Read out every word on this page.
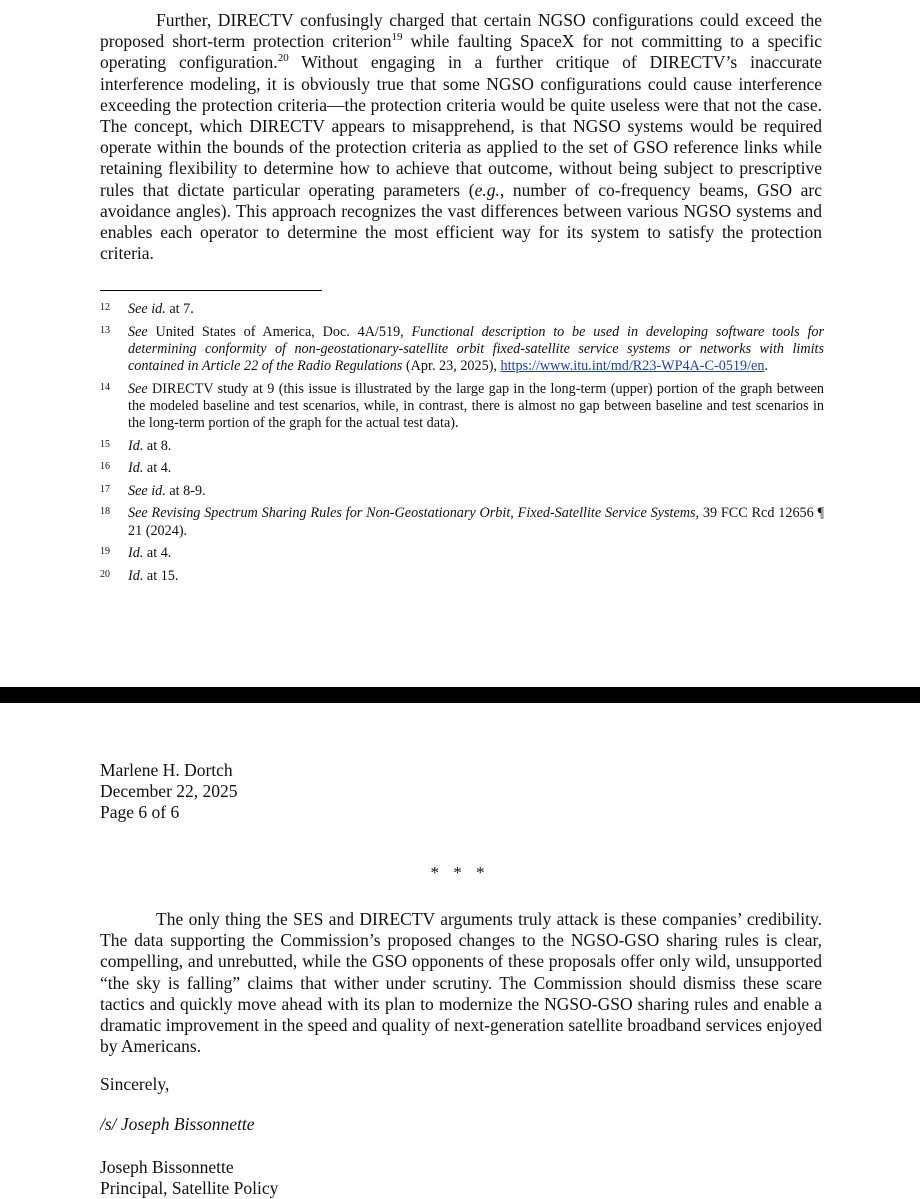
Further, DIRECTV confusingly charged that certain NGSO configurations could exceed the proposed short-term protection criterion$^{19}$ while faulting SpaceX for not committing to a specific operating configuration.$^{20}$ Without engaging in a further critique of DIRECTV’s inaccurate interference modeling, it is obviously true that some NGSO configurations could cause interference exceeding the protection criteria—the protection criteria would be quite useless were that not the case. The concept, which DIRECTV appears to misapprehend, is that NGSO systems would be required operate within the bounds of the protection criteria as applied to the set of GSO reference links while retaining flexibility to determine how to achieve that outcome, without being subject to prescriptive rules that dictate particular operating parameters (e.g., number of co-frequency beams, GSO arc avoidance angles). This approach recognizes the vast differences between various NGSO systems and enables each operator to determine the most efficient way for its system to satisfy the protection criteria.

12	See id. at 7.
13	See United States of America, Doc. 4A/519, Functional description to be used in developing software tools for determining conformity of non-geostationary-satellite orbit fixed-satellite service systems or networks with limits contained in Article 22 of the Radio Regulations (Apr. 23, 2025), https://www.itu.int/md/R23-WP4A-C-0519/en.
14	See DIRECTV study at 9 (this issue is illustrated by the large gap in the long-term (upper) portion of the graph between the modeled baseline and test scenarios, while, in contrast, there is almost no gap between baseline and test scenarios in the long-term portion of the graph for the actual test data).
15	Id. at 8.
16	Id. at 4.
17	See id. at 8-9.
18	See Revising Spectrum Sharing Rules for Non-Geostationary Orbit, Fixed-Satellite Service Systems, 39 FCC Rcd 12656 ¶ 21 (2024).
19	Id. at 4.
20	Id. at 15.
Marlene H. Dortch
December 22, 2025
Page 6 of 6
* * *

The only thing the SES and DIRECTV arguments truly attack is these companies’ credibility. The data supporting the Commission’s proposed changes to the NGSO-GSO sharing rules is clear, compelling, and unrebutted, while the GSO opponents of these proposals offer only wild, unsupported “the sky is falling” claims that wither under scrutiny. The Commission should dismiss these scare tactics and quickly move ahead with its plan to modernize the NGSO-GSO sharing rules and enable a dramatic improvement in the speed and quality of next-generation satellite broadband services enjoyed by Americans.

Sincerely,
/s/ Joseph Bissonnette
Joseph Bissonnette
Principal, Satellite Policy
